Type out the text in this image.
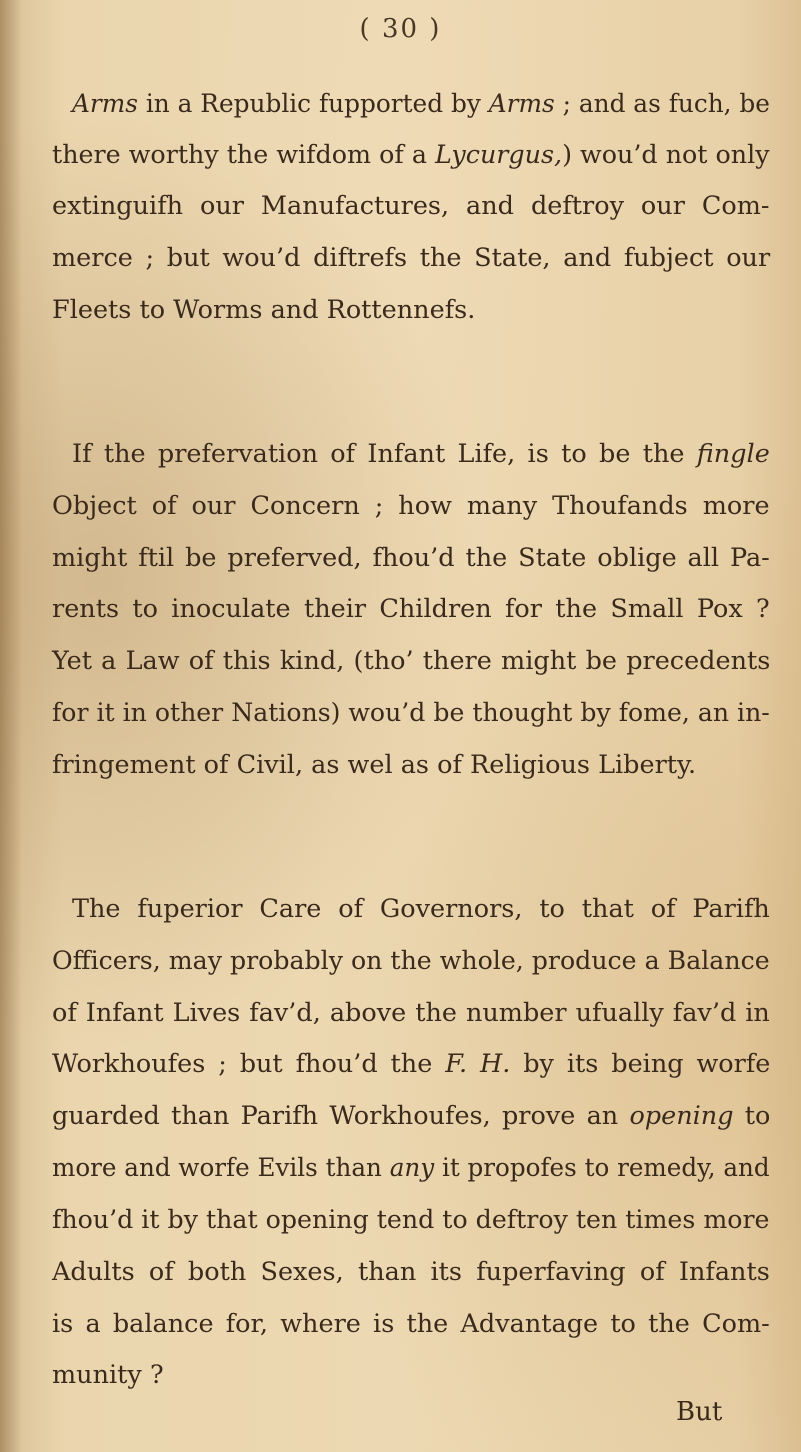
( 30 )
Arms in a Republic fupported by Arms ; and as fuch, be
there worthy the wifdom of a Lycurgus,) wou’d not only
extinguifh our Manufactures, and deftroy our Com-
merce ; but wou’d diftrefs the State, and fubject our
Fleets to Worms and Rottennefs.
If the prefervation of Infant Life, is to be the fingle
Object of our Concern ; how many Thoufands more
might ftil be preferved, fhou’d the State oblige all Pa-
rents to inoculate their Children for the Small Pox ?
Yet a Law of this kind, (tho’ there might be precedents
for it in other Nations) wou’d be thought by fome, an in-
fringement of Civil, as wel as of Religious Liberty.
The fuperior Care of Governors, to that of Parifh
Officers, may probably on the whole, produce a Balance
of Infant Lives fav’d, above the number ufually fav’d in
Workhoufes ; but fhou’d the F. H. by its being worfe
guarded than Parifh Workhoufes, prove an opening to
more and worfe Evils than any it propofes to remedy, and
fhou’d it by that opening tend to deftroy ten times more
Adults of both Sexes, than its fuperfaving of Infants
is a balance for, where is the Advantage to the Com-
munity ?
But
